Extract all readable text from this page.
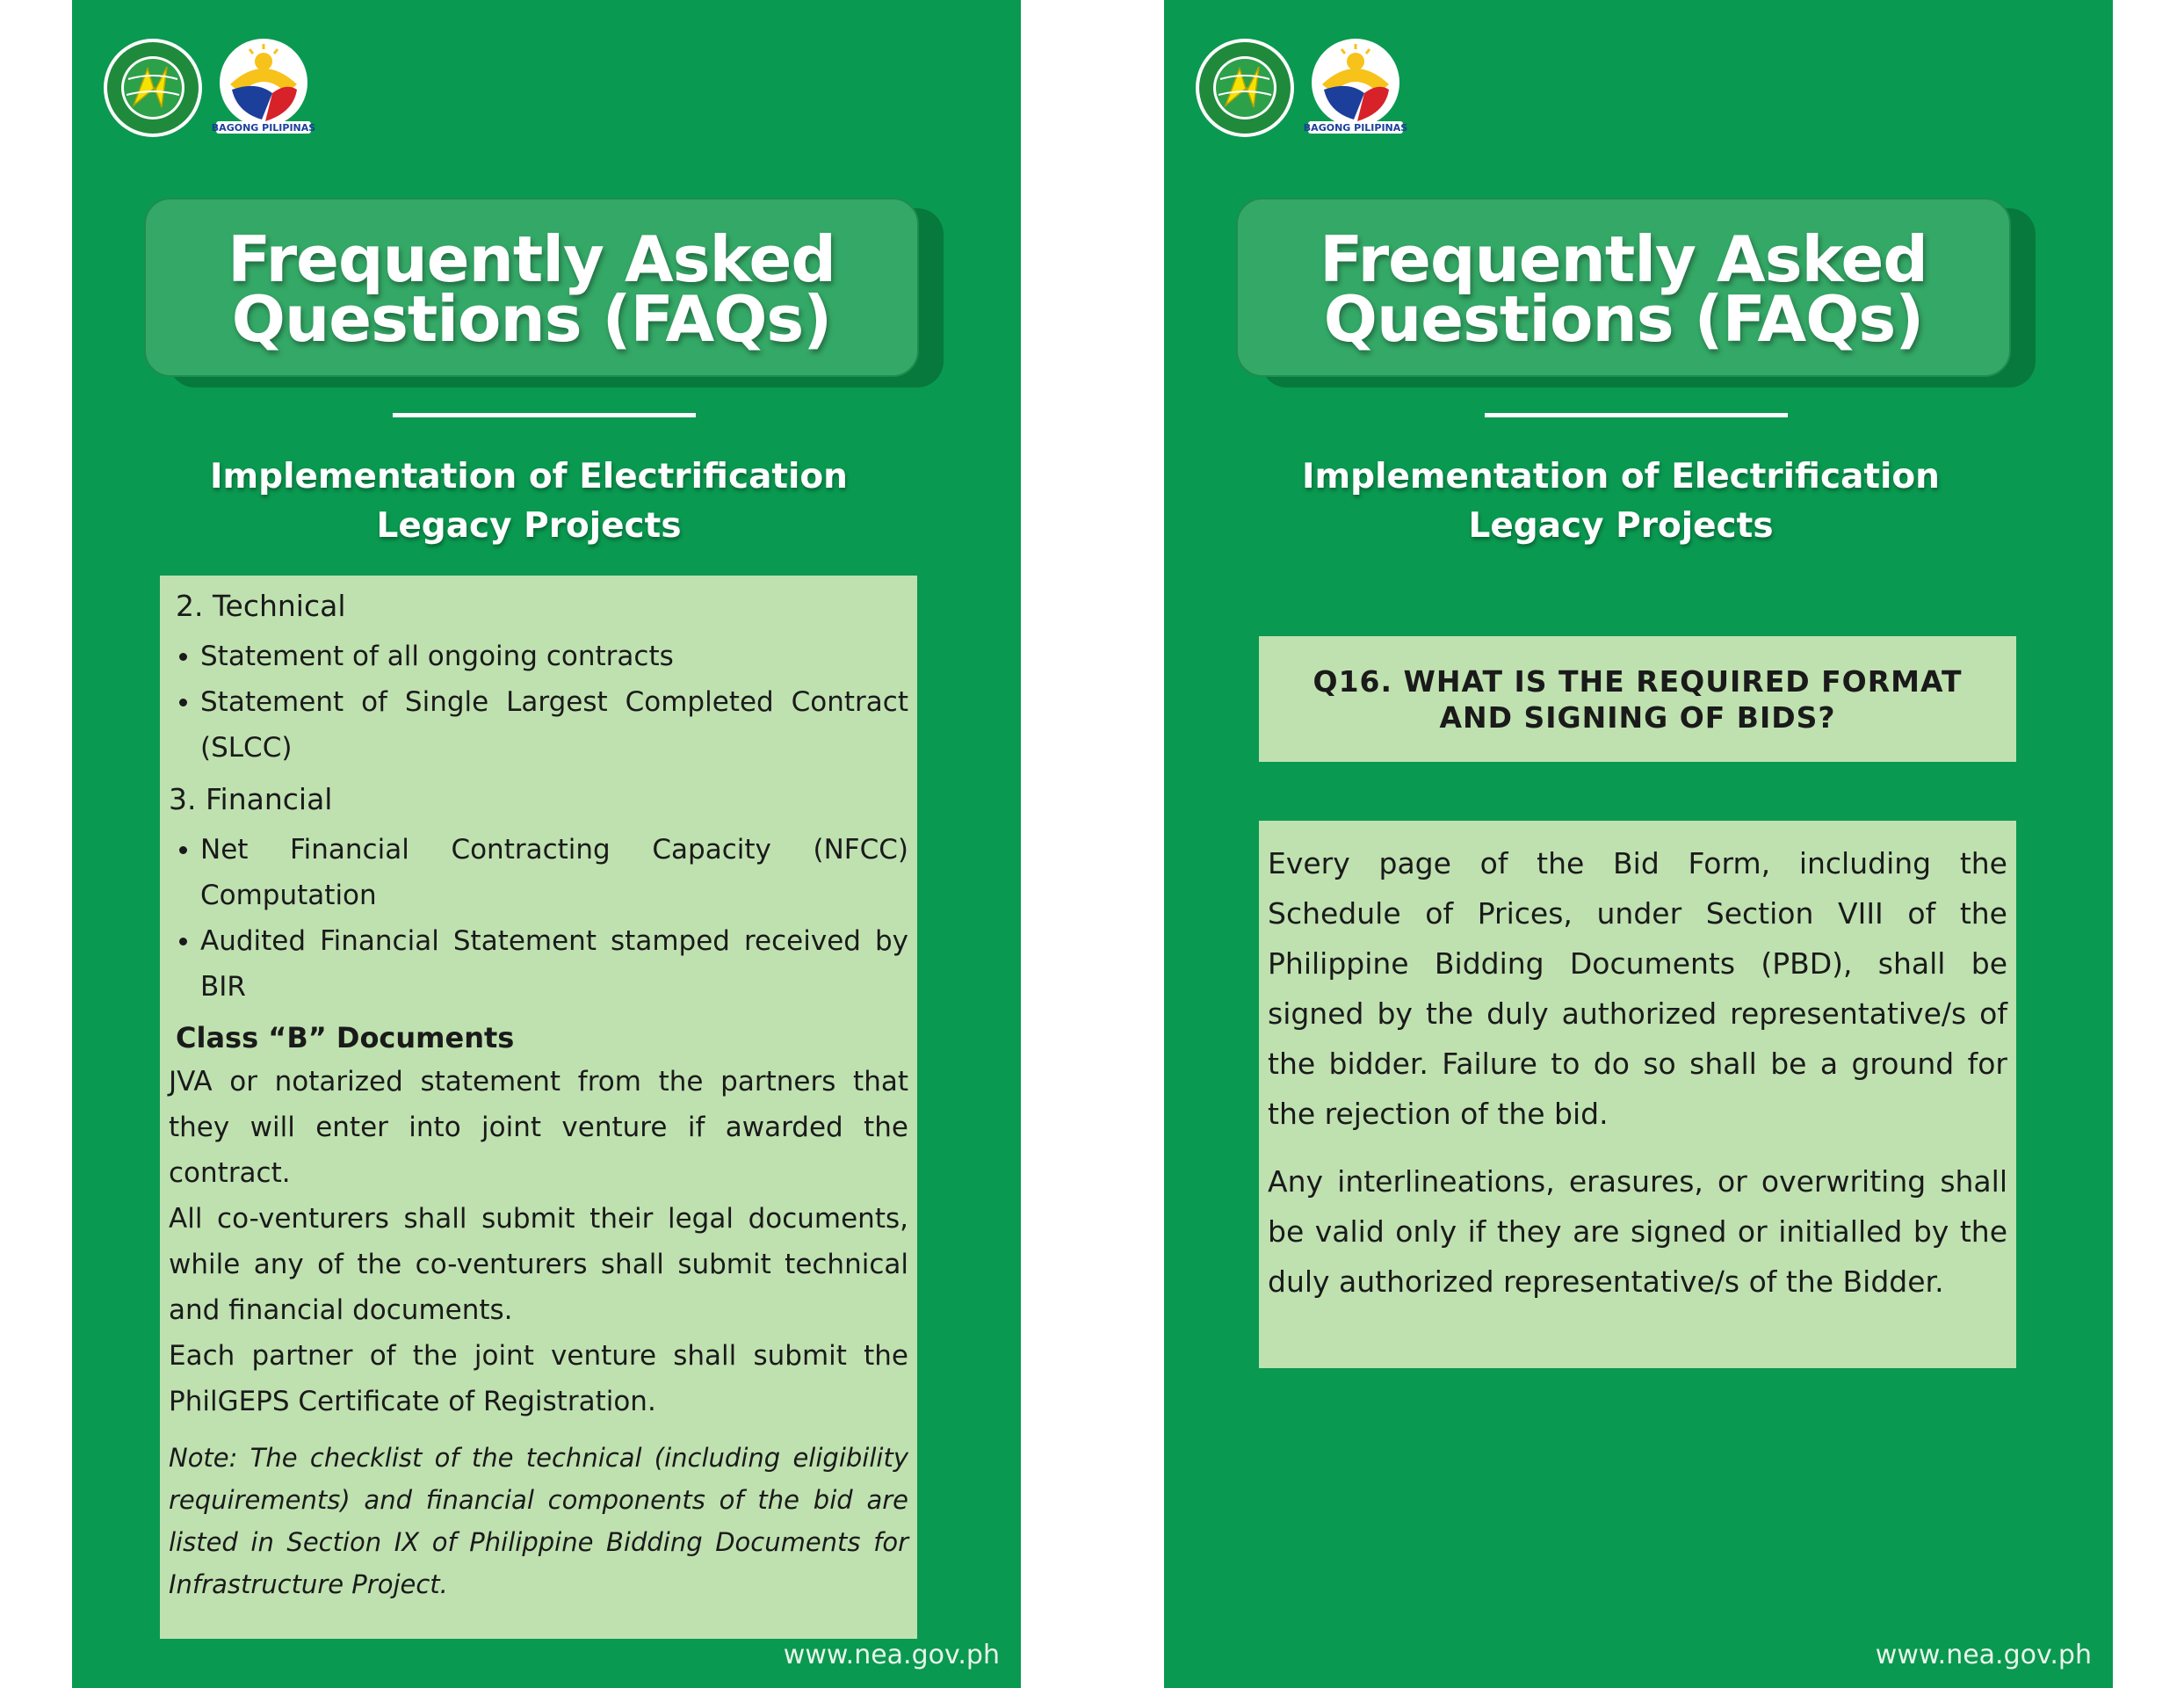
BAGONG PILIPINAS
Frequently Asked
Questions (FAQs)
Implementation of Electrification
Legacy Projects
2. Technical
Statement of all ongoing contracts
Statement of Single Largest Completed Contract (SLCC)
3. Financial
Net Financial Contracting Capacity (NFCC) Computation
Audited Financial Statement stamped received by BIR
Class “B” Documents

JVA or notarized statement from the partners that they will enter into joint venture if awarded the contract.

All co-venturers shall submit their legal documents, while any of the co-venturers shall submit technical and financial documents.

Each partner of the joint venture shall submit the PhilGEPS Certificate of Registration.

Note: The checklist of the technical (including eligibility requirements) and financial components of the bid are listed in Section IX of Philippine Bidding Documents for Infrastructure Project.

www.nea.gov.ph
BAGONG PILIPINAS
Frequently Asked
Questions (FAQs)
Implementation of Electrification
Legacy Projects
Q16. WHAT IS THE REQUIRED FORMAT
AND SIGNING OF BIDS?

Every page of the Bid Form, including the Schedule of Prices, under Section VIII of the Philippine Bidding Documents (PBD), shall be signed by the duly authorized representative/s of the bidder. Failure to do so shall be a ground for the rejection of the bid.

Any interlineations, erasures, or overwriting shall be valid only if they are signed or initialled by the duly authorized representative/s of the Bidder.

www.nea.gov.ph
